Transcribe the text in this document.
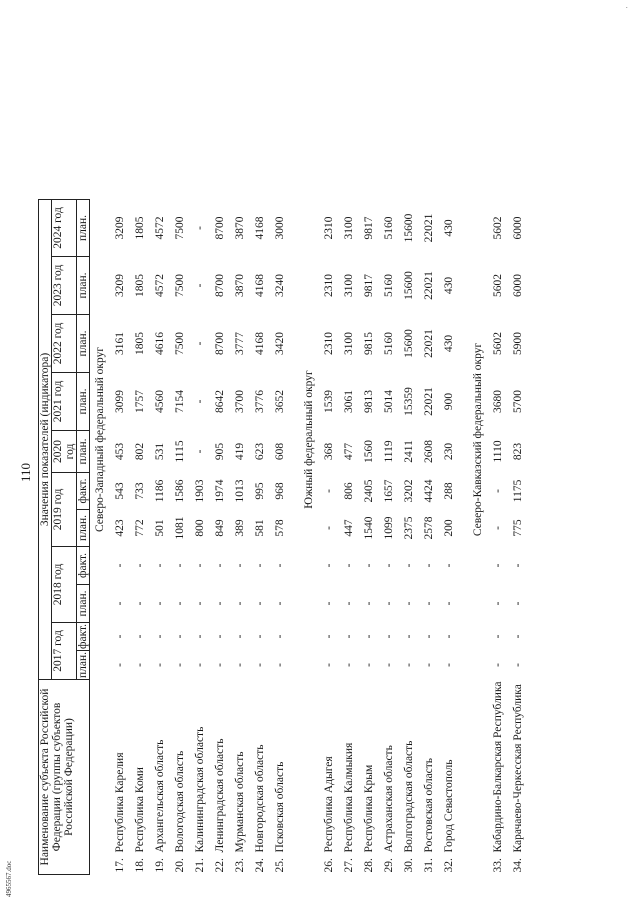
110
4965567.doc
'
Наименование субъекта Российской Федерации (группы субъектов Российской Федерации)		Значения показателей (индикатора)										
		2017 год		2018 год		2019 год		2020 год	2021 год	2022 год	2023 год	2024 год
		план.	факт.	план.	факт.	план.	факт.	план.	план.	план.	план.	план.
		Северо-Западный федеральный округ										
17.	Республика Карелия	-	-	-	-	423	543	453	3099	3161	3209	3209
18.	Республика Коми	-	-	-	-	772	733	802	1757	1805	1805	1805
19.	Архангельская область	-	-	-	-	501	1186	531	4560	4616	4572	4572
20.	Вологодская область	-	-	-	-	1081	1586	1115	7154	7500	7500	7500
21.	Калининградская область	-	-	-	-	800	1903	-	-	-	-	-
22.	Ленинградская область	-	-	-	-	849	1974	905	8642	8700	8700	8700
23.	Мурманская область	-	-	-	-	389	1013	419	3700	3777	3870	3870
24.	Новгородская область	-	-	-	-	581	995	623	3776	4168	4168	4168
25.	Псковская область	-	-	-	-	578	968	608	3652	3420	3240	3000

		Южный федеральный округ										
26.	Республика Адыгея	-	-	-	-	-	-	368	1539	2310	2310	2310
27.	Республика Калмыкия	-	-	-	-	447	806	477	3061	3100	3100	3100
28.	Республика Крым	-	-	-	-	1540	2405	1560	9813	9815	9817	9817
29.	Астраханская область	-	-	-	-	1099	1657	1119	5014	5160	5160	5160
30.	Волгоградская область	-	-	-	-	2375	3202	2411	15359	15600	15600	15600
31.	Ростовская область	-	-	-	-	2578	4424	2608	22021	22021	22021	22021
32.	Город Севастополь	-	-	-	-	200	288	230	900	430	430	430

		Северо-Кавказский федеральный округ										
33.	Кабардино-Балкарская Республика	-	-	-	-	-	-	1110	3680	5602	5602	5602
34.	Карачаево-Черкесская Республика	-	-	-	-	775	1175	823	5700	5900	6000	6000
